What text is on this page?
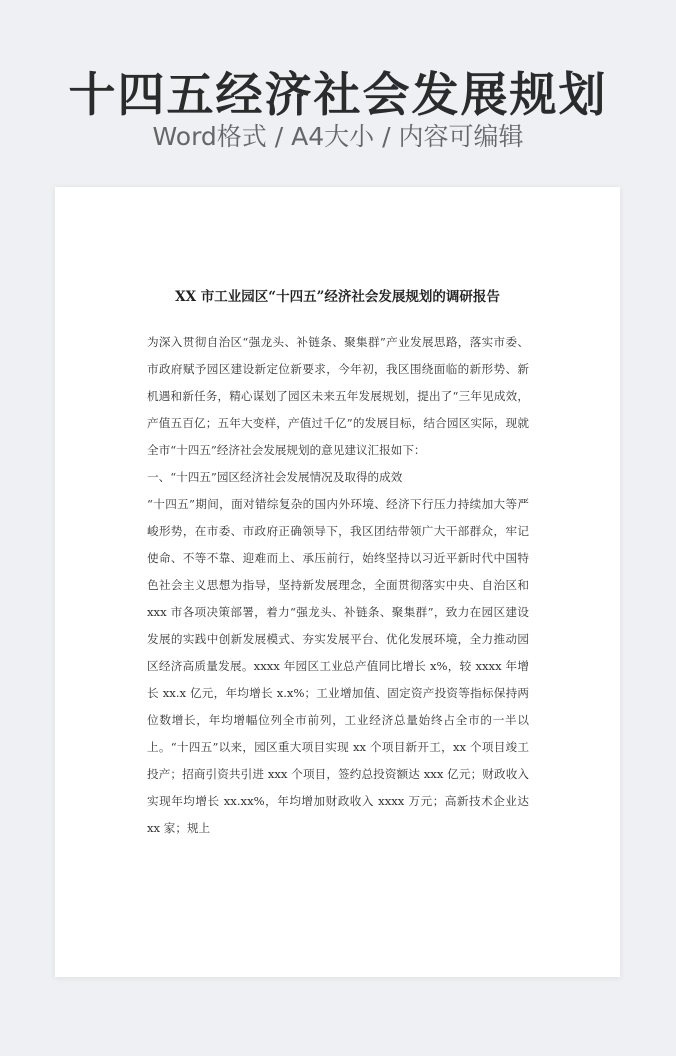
十四五经济社会发展规划
Word格式 / A4大小 / 内容可编辑
XX 市工业园区“十四五”经济社会发展规划的调研报告

为深入贯彻自治区“强龙头、补链条、聚集群”产业发展思路，落实市委、市政府赋予园区建设新定位新要求，今年初，我区围绕面临的新形势、新机遇和新任务，精心谋划了园区未来五年发展规划，提出了“三年见成效，产值五百亿；五年大变样，产值过千亿”的发展目标，结合园区实际，现就全市“十四五”经济社会发展规划的意见建议汇报如下：

一、“十四五”园区经济社会发展情况及取得的成效

“十四五”期间，面对错综复杂的国内外环境、经济下行压力持续加大等严峻形势，在市委、市政府正确领导下，我区团结带领广大干部群众，牢记使命、不等不靠、迎难而上、承压前行，始终坚持以习近平新时代中国特色社会主义思想为指导，坚持新发展理念，全面贯彻落实中央、自治区和 xxx 市各项决策部署，着力“强龙头、补链条、聚集群”，致力在园区建设发展的实践中创新发展模式、夯实发展平台、优化发展环境，全力推动园区经济高质量发展。xxxx 年园区工业总产值同比增长 x%，较 xxxx 年增长 xx.x 亿元，年均增长 x.x%；工业增加值、固定资产投资等指标保持两位数增长，年均增幅位列全市前列，工业经济总量始终占全市的一半以上。“十四五”以来，园区重大项目实现 xx 个项目新开工，xx 个项目竣工投产；招商引资共引进 xxx 个项目，签约总投资额达 xxx 亿元；财政收入实现年均增长 xx.xx%，年均增加财政收入 xxxx 万元；高新技术企业达 xx 家；规上
